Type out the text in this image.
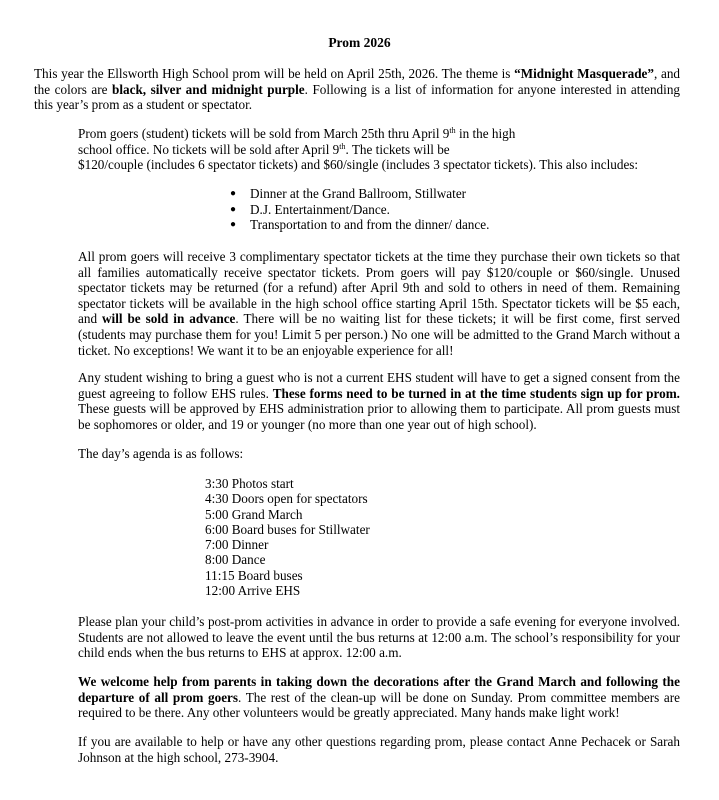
Prom 2026
This year the Ellsworth High School prom will be held on April 25th, 2026. The theme is “Midnight Masquerade”, and the colors are black, silver and midnight purple. Following is a list of information for anyone interested in attending this year’s prom as a student or spectator.
Prom goers (student) tickets will be sold from March 25th thru April 9th in the high
school office. No tickets will be sold after April 9th. The tickets will be
$120/couple (includes 6 spectator tickets) and $60/single (includes 3 spectator tickets). This also includes:
● Dinner at the Grand Ballroom, Stillwater
● D.J. Entertainment/Dance.
● Transportation to and from the dinner/ dance.
All prom goers will receive 3 complimentary spectator tickets at the time they purchase their own tickets so that all families automatically receive spectator tickets. Prom goers will pay $120/couple or $60/single. Unused spectator tickets may be returned (for a refund) after April 9th and sold to others in need of them. Remaining spectator tickets will be available in the high school office starting April 15th. Spectator tickets will be $5 each, and will be sold in advance. There will be no waiting list for these tickets; it will be first come, first served (students may purchase them for you! Limit 5 per person.) No one will be admitted to the Grand March without a ticket. No exceptions! We want it to be an enjoyable experience for all!
Any student wishing to bring a guest who is not a current EHS student will have to get a signed consent from the guest agreeing to follow EHS rules. These forms need to be turned in at the time students sign up for prom. These guests will be approved by EHS administration prior to allowing them to participate. All prom guests must be sophomores or older, and 19 or younger (no more than one year out of high school).
The day’s agenda is as follows:
3:30 Photos start
4:30 Doors open for spectators
5:00 Grand March
6:00 Board buses for Stillwater
7:00 Dinner
8:00 Dance
11:15 Board buses
12:00 Arrive EHS
Please plan your child’s post-prom activities in advance in order to provide a safe evening for everyone involved. Students are not allowed to leave the event until the bus returns at 12:00 a.m. The school’s responsibility for your child ends when the bus returns to EHS at approx. 12:00 a.m.
We welcome help from parents in taking down the decorations after the Grand March and following the departure of all prom goers. The rest of the clean-up will be done on Sunday. Prom committee members are required to be there. Any other volunteers would be greatly appreciated. Many hands make light work!
If you are available to help or have any other questions regarding prom, please contact Anne Pechacek or Sarah Johnson at the high school, 273-3904.
